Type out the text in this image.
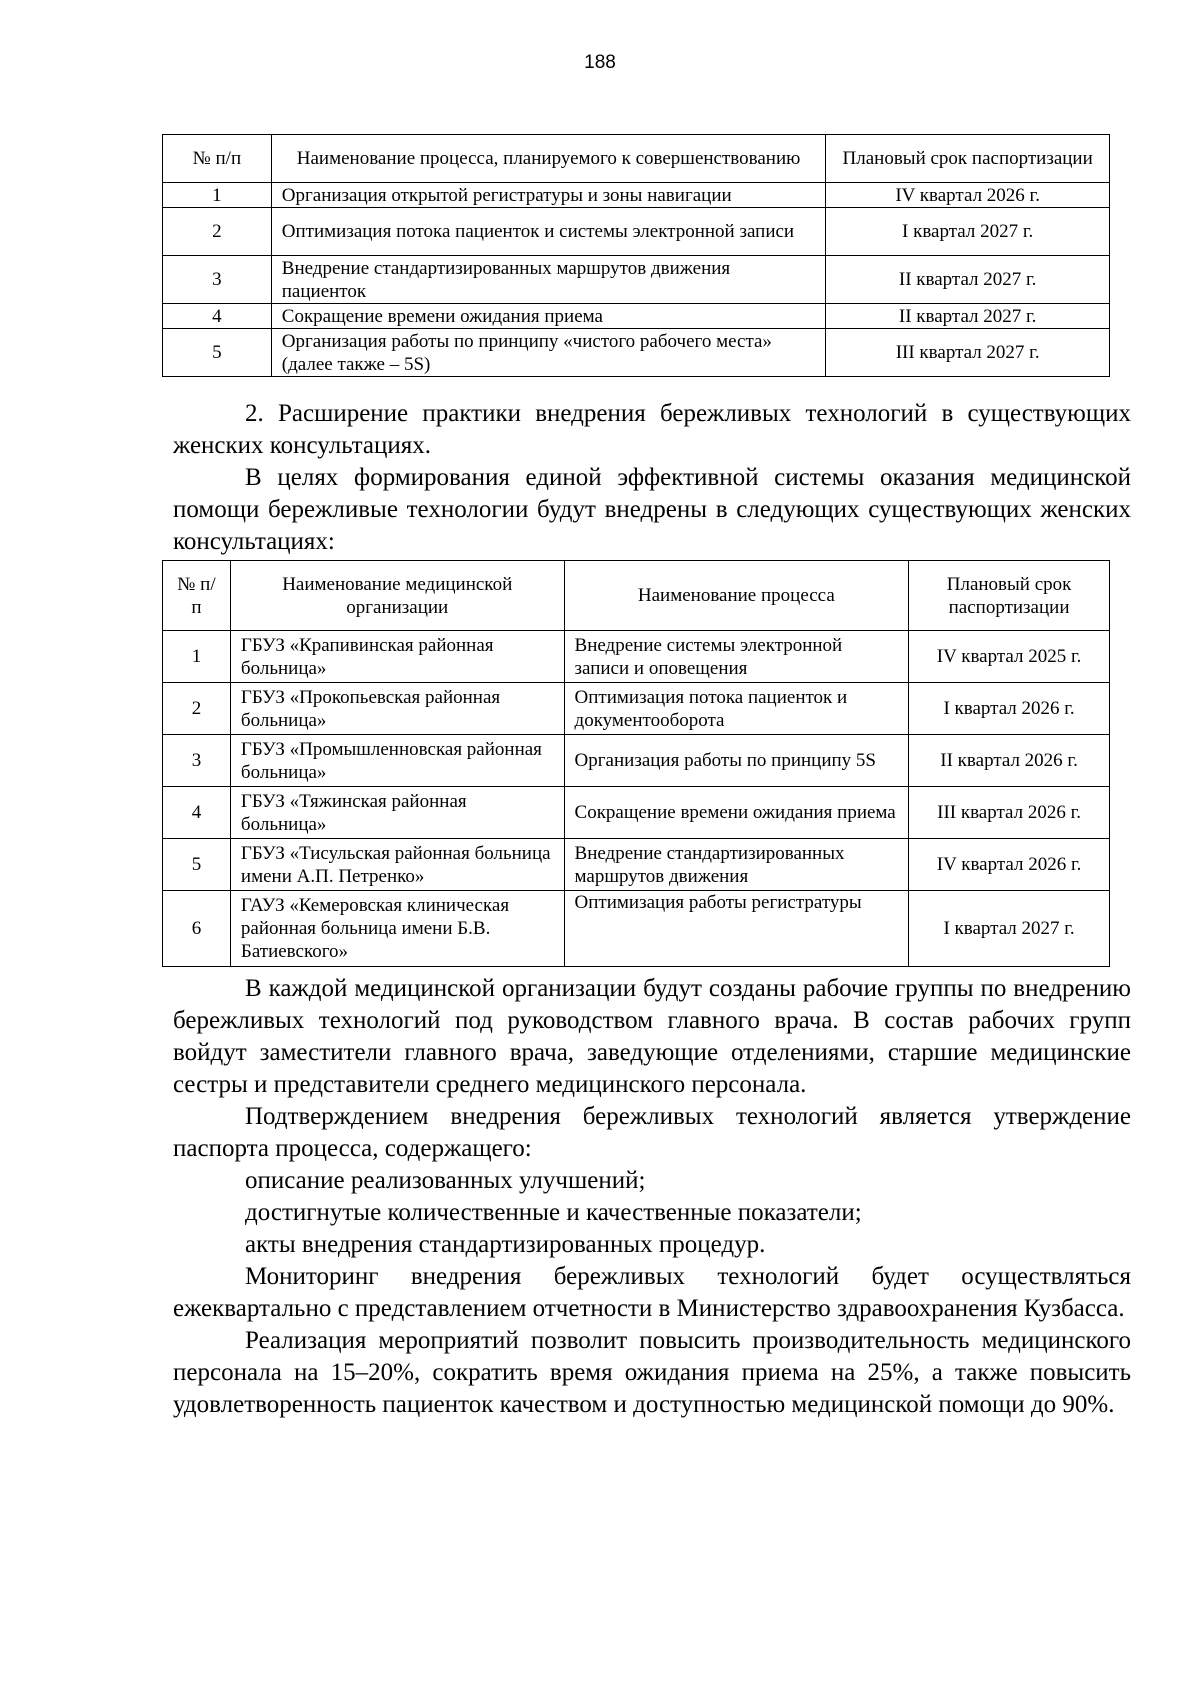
188
№ п/п	Наименование процесса, планируемого к совершенствованию	Плановый срок паспортизации
1	Организация открытой регистратуры и зоны навигации	IV квартал 2026 г.
2	Оптимизация потока пациенток и системы электронной записи	I квартал 2027 г.
3	Внедрение стандартизированных маршрутов движения пациенток	II квартал 2027 г.
4	Сокращение времени ожидания приема	II квартал 2027 г.
5	Организация работы по принципу «чистого рабочего места» (далее также – 5S)	III квартал 2027 г.

2. Расширение практики внедрения бережливых технологий в существующих женских консультациях.

В целях формирования единой эффективной системы оказания медицинской помощи бережливые технологии будут внедрены в следующих существующих женских консультациях:

№ п/п	Наименование медицинской организации	Наименование процесса	Плановый срок паспортизации
1	ГБУЗ «Крапивинская районная больница»	Внедрение системы электронной записи и оповещения	IV квартал 2025 г.
2	ГБУЗ «Прокопьевская районная больница»	Оптимизация потока пациенток и документооборота	I квартал 2026 г.
3	ГБУЗ «Промышленновская районная больница»	Организация работы по принципу 5S	II квартал 2026 г.
4	ГБУЗ «Тяжинская районная больница»	Сокращение времени ожидания приема	III квартал 2026 г.
5	ГБУЗ «Тисульская районная больница имени А.П. Петренко»	Внедрение стандартизированных маршрутов движения	IV квартал 2026 г.
6	ГАУЗ «Кемеровская клиническая районная больница имени Б.В. Батиевского»	Оптимизация работы регистратуры	I квартал 2027 г.

В каждой медицинской организации будут созданы рабочие группы по внедрению бережливых технологий под руководством главного врача. В состав рабочих групп войдут заместители главного врача, заведующие отделениями, старшие медицинские сестры и представители среднего медицинского персонала.

Подтверждением внедрения бережливых технологий является утверждение паспорта процесса, содержащего:

описание реализованных улучшений;

достигнутые количественные и качественные показатели;

акты внедрения стандартизированных процедур.

Мониторинг внедрения бережливых технологий будет осуществляться ежеквартально с представлением отчетности в Министерство здравоохранения Кузбасса.

Реализация мероприятий позволит повысить производительность медицинского персонала на 15–20%, сократить время ожидания приема на 25%, а также повысить удовлетворенность пациенток качеством и доступностью медицинской помощи до 90%.
